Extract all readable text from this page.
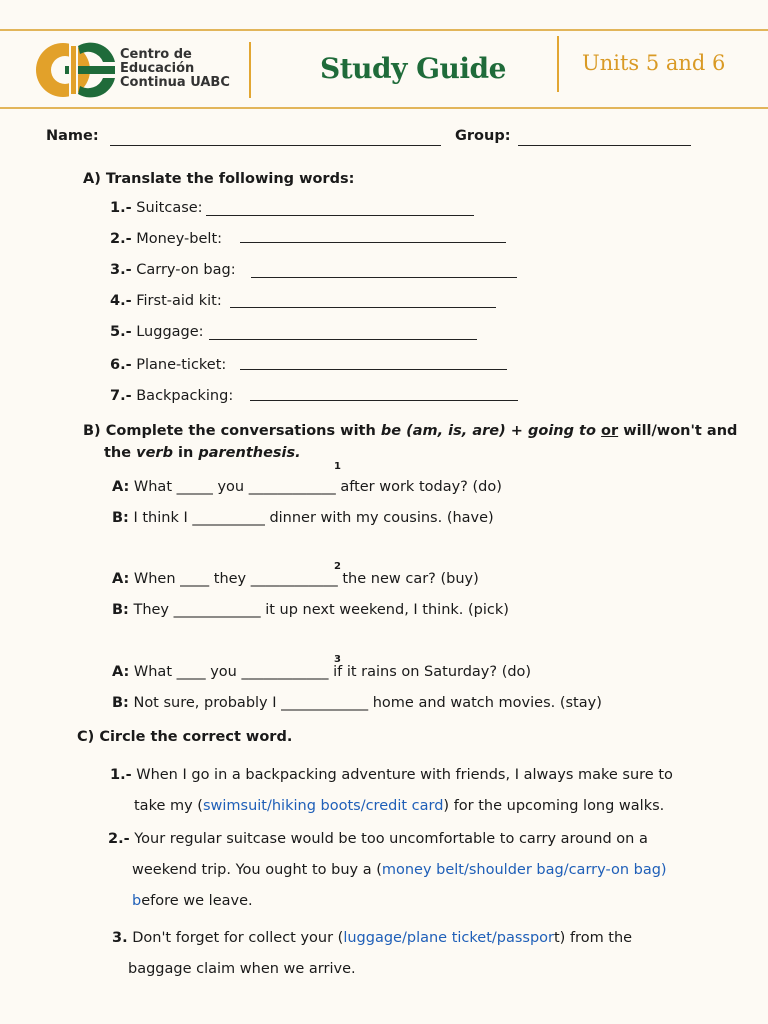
Centro de
Educación
Continua UABC	Study Guide	Units 5 and 6
Name:	Group:
A) Translate the following words:
1.- Suitcase:
2.- Money-belt:
3.- Carry-on bag:
4.- First-aid kit:
5.- Luggage:
6.- Plane-ticket:
7.- Backpacking:
B) Complete the conversations with be (am, is, are) + going to or will/won't and
the verb in parenthesis.
1
A: What _____ you ____________ after work today? (do)
B: I think I __________ dinner with my cousins. (have)
2
A: When ____ they ____________ the new car? (buy)
B: They ____________ it up next weekend, I think. (pick)
3
A: What ____ you ____________ if it rains on Saturday? (do)
B: Not sure, probably I ____________ home and watch movies. (stay)
C) Circle the correct word.
1.- When I go in a backpacking adventure with friends, I always make sure to
take my (swimsuit/hiking boots/credit card) for the upcoming long walks.
2.- Your regular suitcase would be too uncomfortable to carry around on a
weekend trip. You ought to buy a (money belt/shoulder bag/carry-on bag)
before we leave.
3. Don't forget for collect your (luggage/plane ticket/passport) from the
baggage claim when we arrive.
